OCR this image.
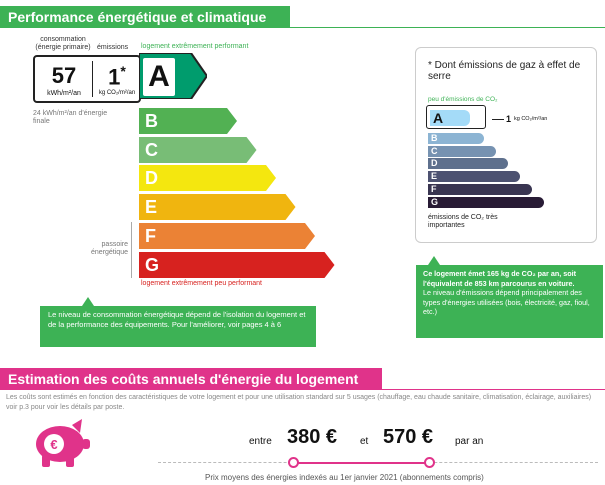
Performance énergétique et climatique
consommation (énergie primaire) émissions logement extrêmement performant
57
kWh/m²/an
1*
kg CO₂/m²/an A
24 kWh/m²/an d'énergie finale	B
C
D
E
F
G
passoire énergétique
logement extrêmement peu performant
Le niveau de consommation énergétique dépend de l'isolation du logement et de la performance des équipements. Pour l'améliorer, voir pages 4 à 6
* Dont émissions de gaz à effet de serre
peu d'émissions de CO₂
A
B
C
D
E
F
G
1 kg CO₂/m²/an
émissions de CO₂ très importantes
Ce logement émet 165 kg de CO₂ par an, soit l'équivalent de 853 km parcourus en voiture.
Le niveau d'émissions dépend principalement des types d'énergies utilisées (bois, électricité, gaz, fioul, etc.)
Estimation des coûts annuels d'énergie du logement
Les coûts sont estimés en fonction des caractéristiques de votre logement et pour une utilisation standard sur 5 usages (chauffage, eau chaude sanitaire, climatisation, éclairage, auxiliaires) voir p.3 pour voir les détails par poste.
€	entre 380 € et 570 € par an
Prix moyens des énergies indexés au 1er janvier 2021 (abonnements compris)
